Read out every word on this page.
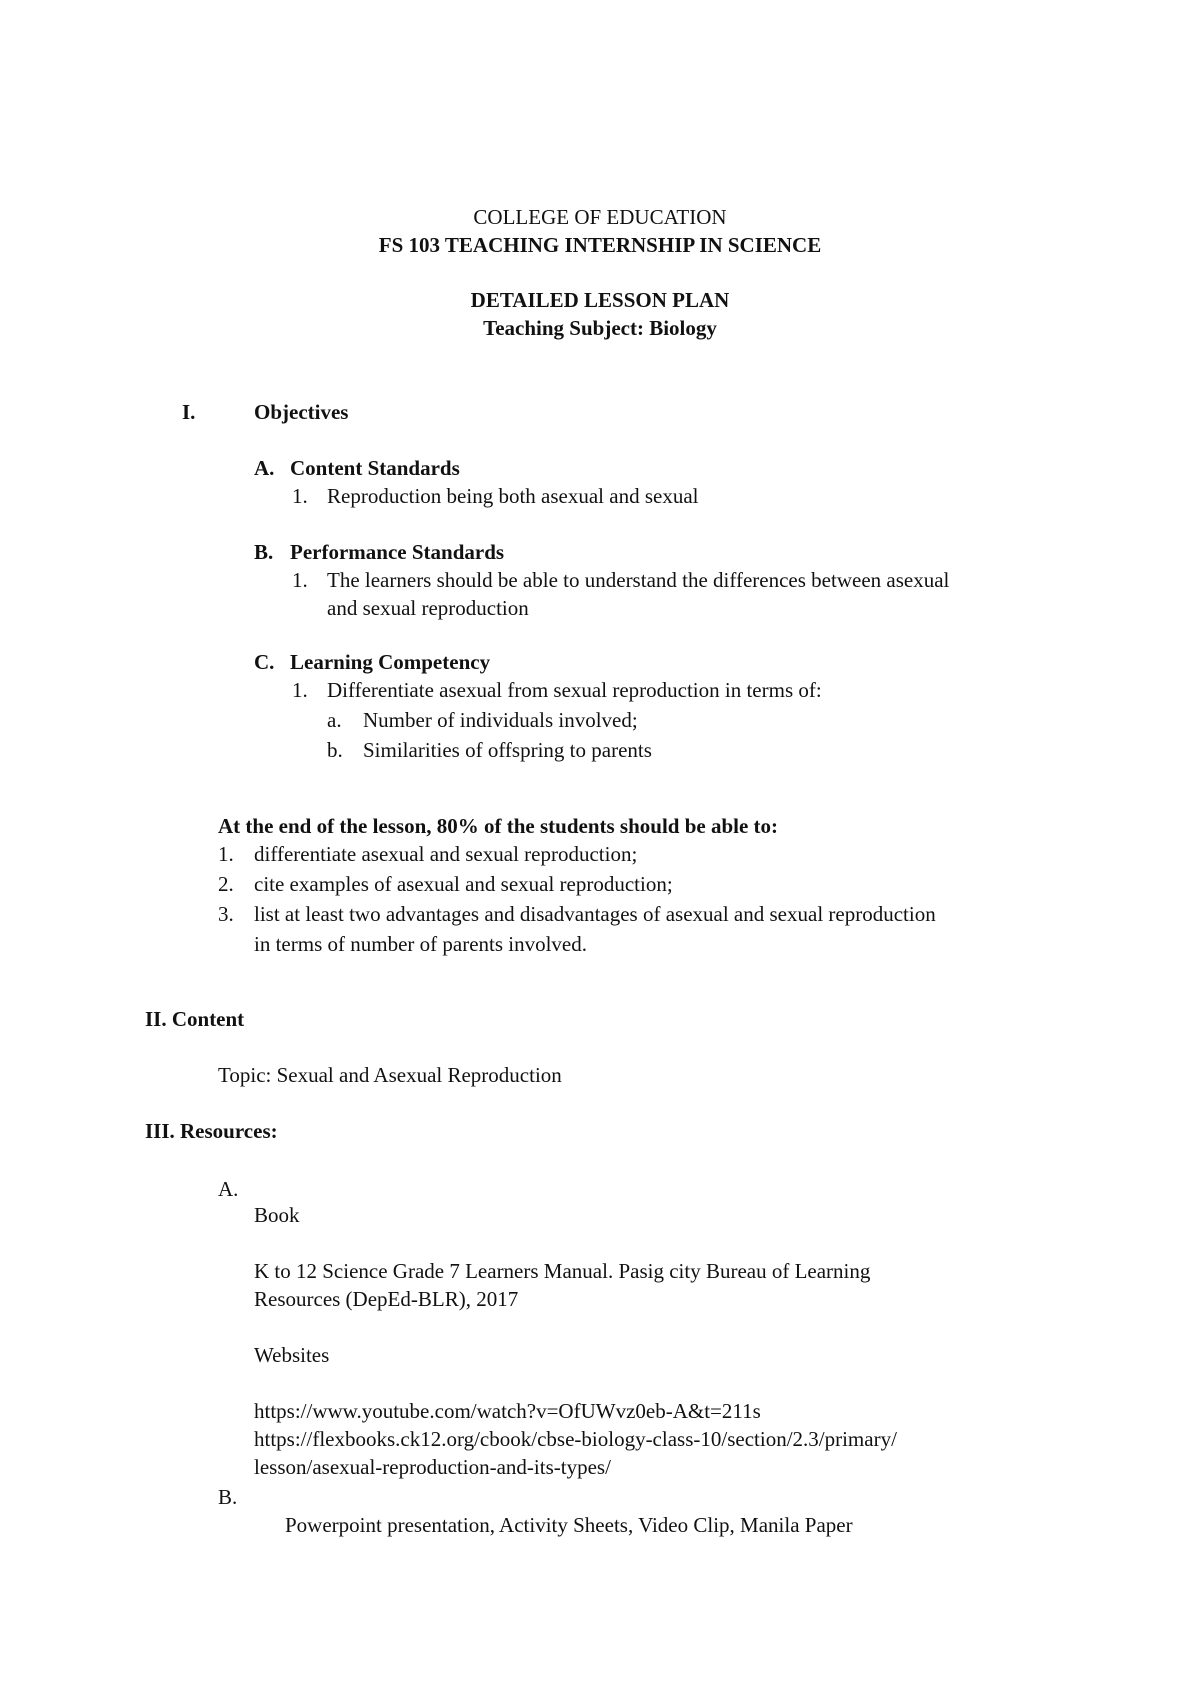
COLLEGE OF EDUCATION
FS 103 TEACHING INTERNSHIP IN SCIENCE
DETAILED LESSON PLAN
Teaching Subject: Biology
I.	Objectives
A. Content Standards
1. Reproduction being both asexual and sexual
B. Performance Standards
1. The learners should be able to understand the differences between asexual
and sexual reproduction
C. Learning Competency
1. Differentiate asexual from sexual reproduction in terms of:
a. Number of individuals involved;
b. Similarities of offspring to parents
At the end of the lesson, 80% of the students should be able to:
1. differentiate asexual and sexual reproduction;
2. cite examples of asexual and sexual reproduction;
3. list at least two advantages and disadvantages of asexual and sexual reproduction
in terms of number of parents involved.
II. Content
Topic: Sexual and Asexual Reproduction
III. Resources:
A.
Book
K to 12 Science Grade 7 Learners Manual. Pasig city Bureau of Learning
Resources (DepEd-BLR), 2017
Websites
https://www.youtube.com/watch?v=OfUWvz0eb-A&t=211s
https://flexbooks.ck12.org/cbook/cbse-biology-class-10/section/2.3/primary/
lesson/asexual-reproduction-and-its-types/
B.
Powerpoint presentation, Activity Sheets, Video Clip, Manila Paper
